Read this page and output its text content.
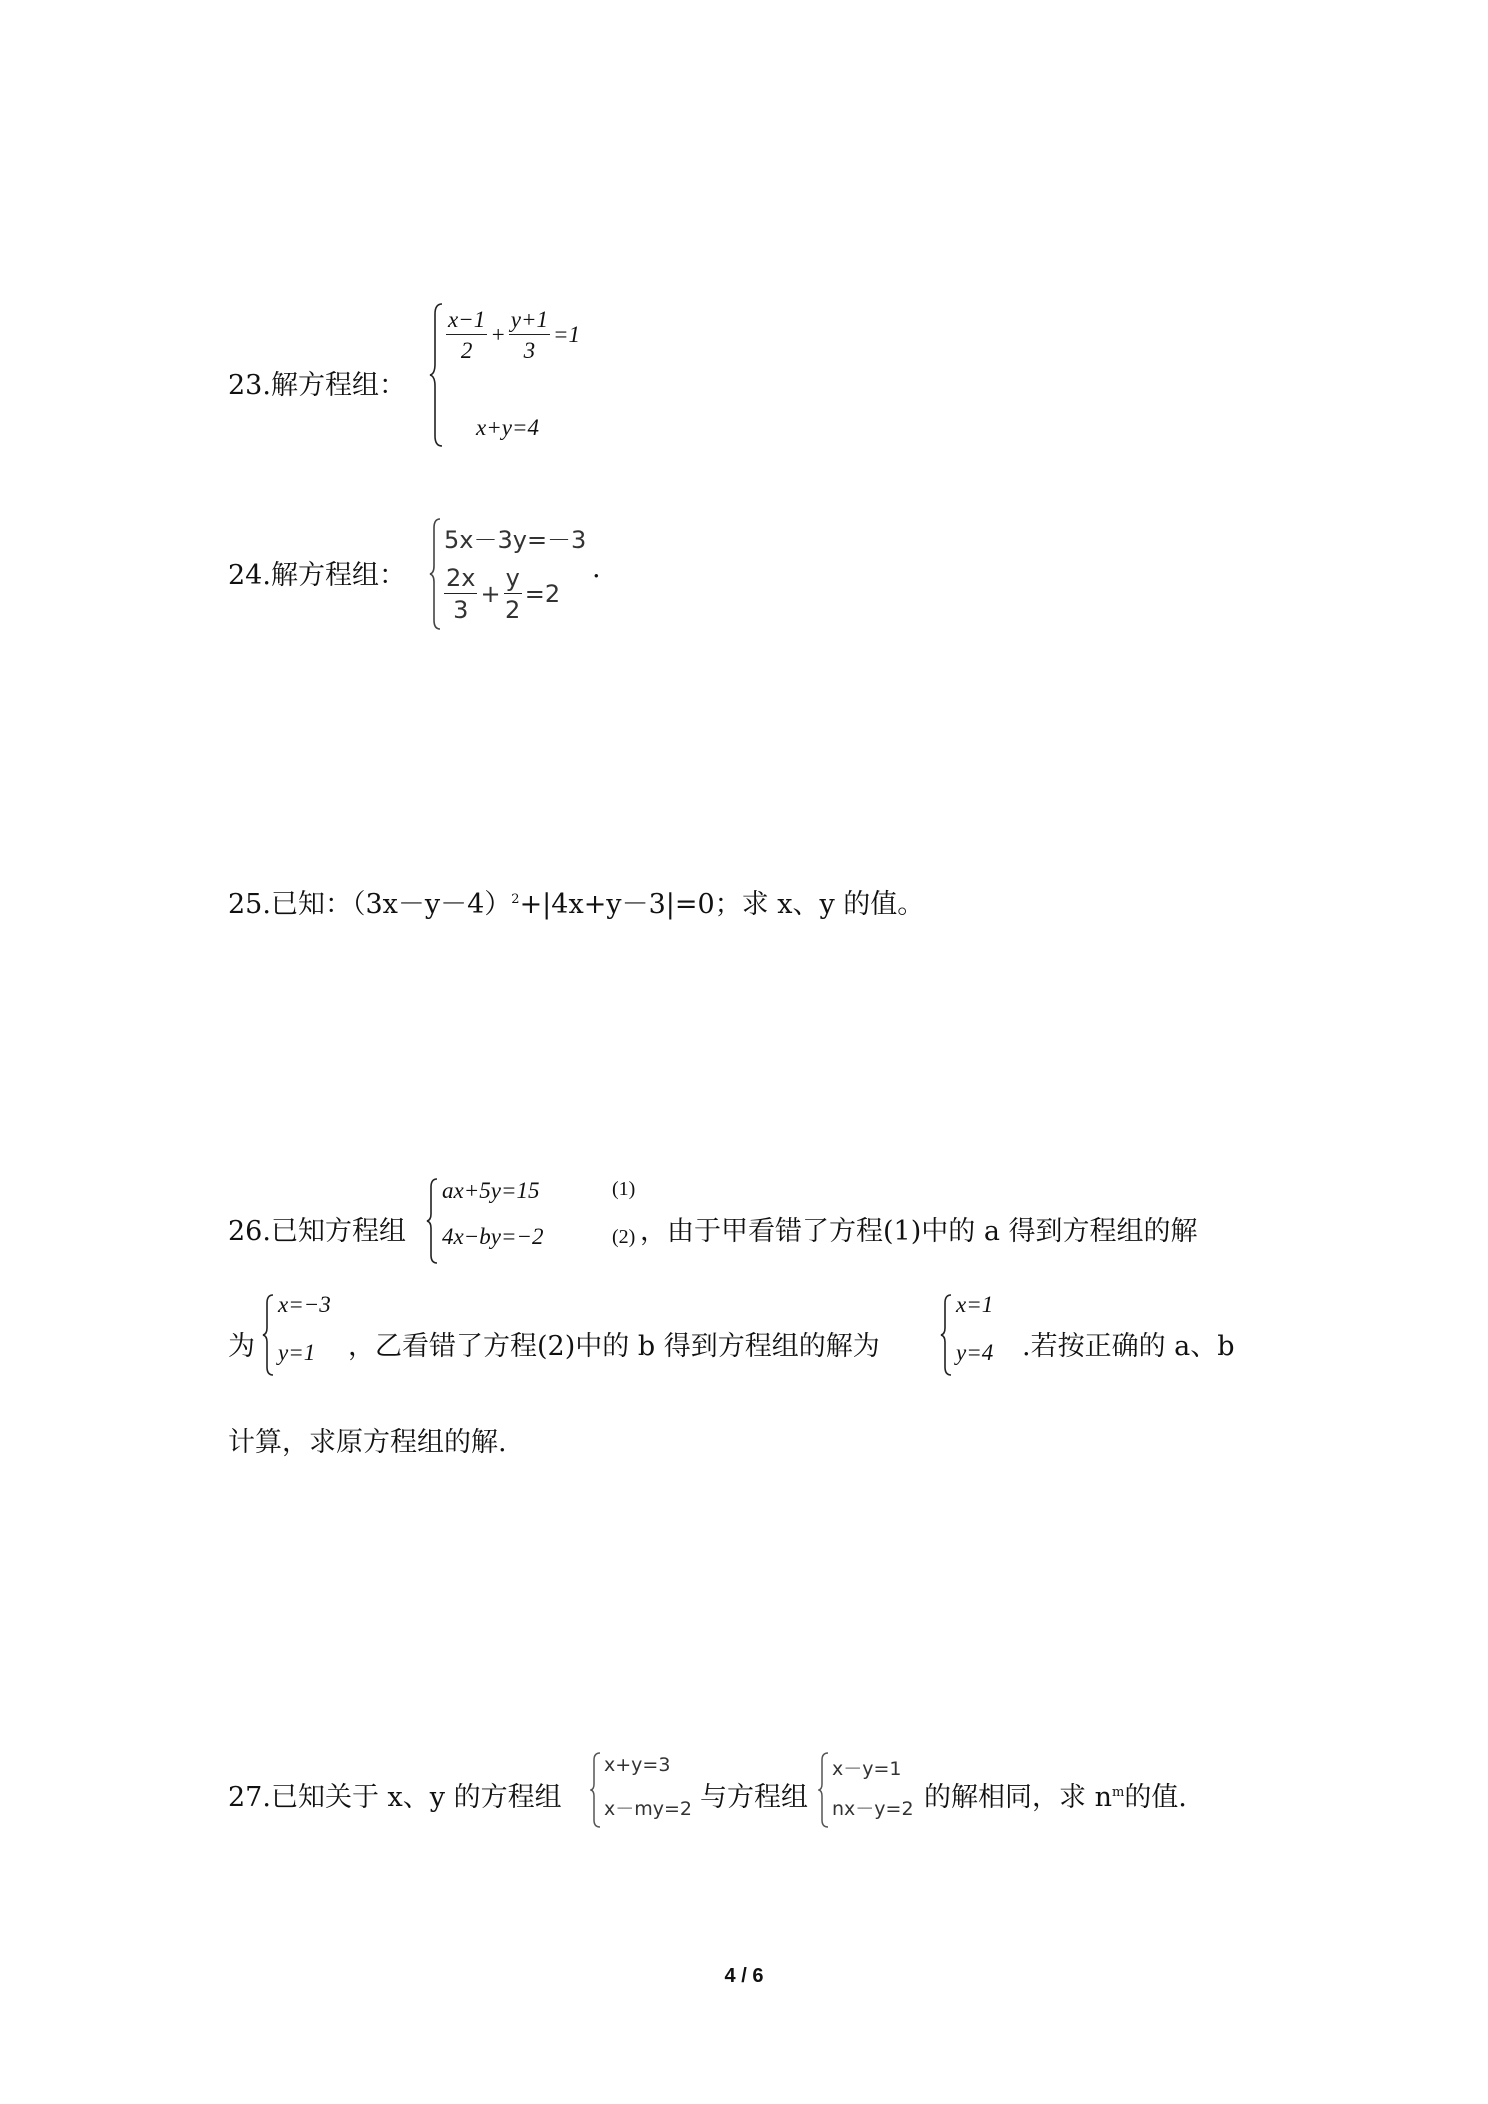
23.解方程组：
$\frac{x-1}{2} + \frac{y+1}{3} =1$
x+y=4
24.解方程组：
5x－3y=－3
$\frac{2x}{3} + \frac{y}{2} =2$
.
25.已知：$(3x-y-4)^2+|4x+y-3|=0$；求 x、y 的值。
26.已知方程组
ax+5y=15	(1)
4x−by=−2	(2) ，由于甲看错了方程(1)中的 a 得到方程组的解
为
x=−3
y=1 ，乙看错了方程(2)中的 b 得到方程组的解为
x=1
y=4 .若按正确的 a、b
计算，求原方程组的解.
27.已知关于 x、y 的方程组
x+y=3
x－my=2 与方程组
x－y=1
nx－y=2 的解相同，求 $n^m$的值.
4 / 6
